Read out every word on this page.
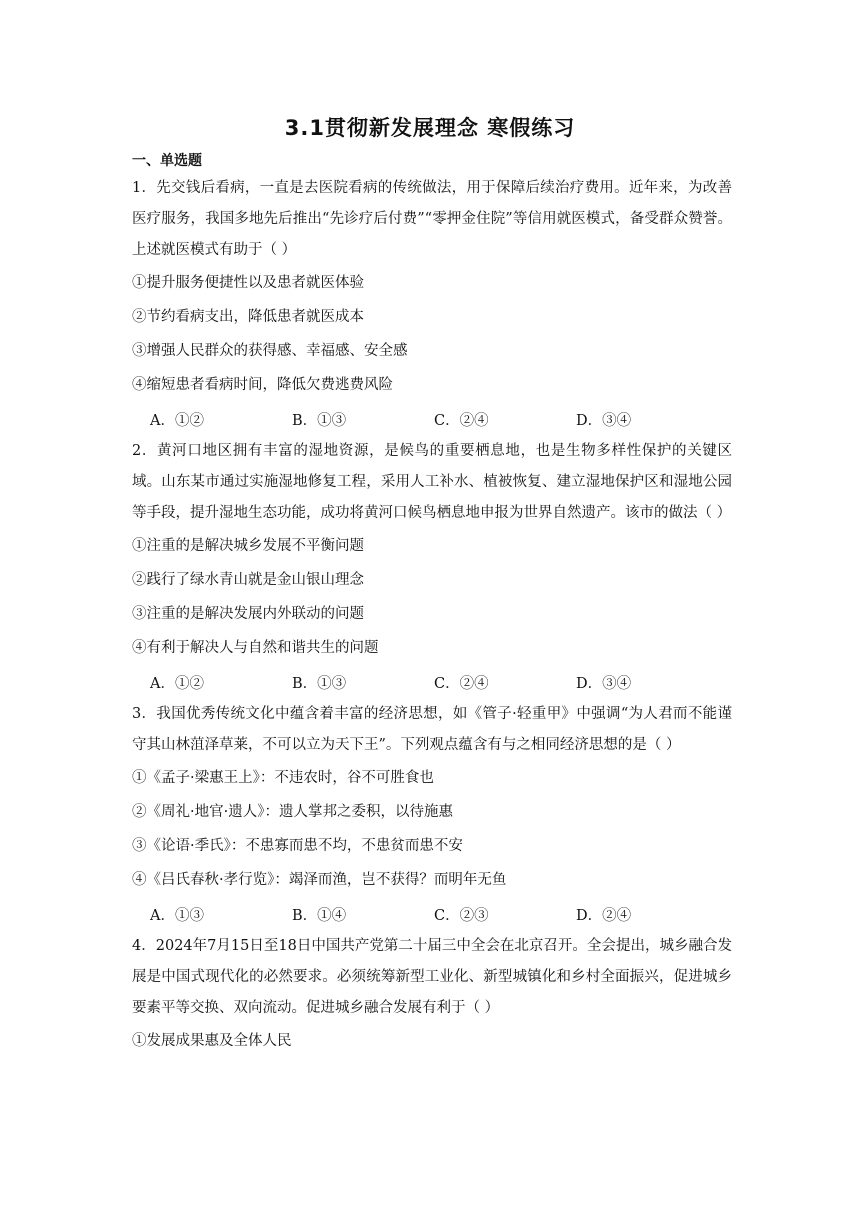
3.1贯彻新发展理念 寒假练习
一、单选题

1．先交钱后看病，一直是去医院看病的传统做法，用于保障后续治疗费用。近年来，为改善医疗服务，我国多地先后推出“先诊疗后付费”“零押金住院”等信用就医模式，备受群众赞誉。上述就医模式有助于（ ）

①提升服务便捷性以及患者就医体验

②节约看病支出，降低患者就医成本

③增强人民群众的获得感、幸福感、安全感

④缩短患者看病时间，降低欠费逃费风险

A．①②	B．①③	C．②④	D．③④

2．黄河口地区拥有丰富的湿地资源，是候鸟的重要栖息地，也是生物多样性保护的关键区域。山东某市通过实施湿地修复工程，采用人工补水、植被恢复、建立湿地保护区和湿地公园等手段，提升湿地生态功能，成功将黄河口候鸟栖息地申报为世界自然遗产。该市的做法（ ）

①注重的是解决城乡发展不平衡问题

②践行了绿水青山就是金山银山理念

③注重的是解决发展内外联动的问题

④有利于解决人与自然和谐共生的问题

A．①②	B．①③	C．②④	D．③④

3．我国优秀传统文化中蕴含着丰富的经济思想，如《管子·轻重甲》中强调“为人君而不能谨守其山林菹泽草莱，不可以立为天下王”。下列观点蕴含有与之相同经济思想的是（ ）

①《孟子·梁惠王上》：不违农时，谷不可胜食也

②《周礼·地官·遗人》：遗人掌邦之委积，以待施惠

③《论语·季氏》：不患寡而患不均，不患贫而患不安

④《吕氏春秋·孝行览》：竭泽而渔，岂不获得？而明年无鱼

A．①③	B．①④	C．②③	D．②④

4．2024年7月15日至18日中国共产党第二十届三中全会在北京召开。全会提出，城乡融合发展是中国式现代化的必然要求。必须统筹新型工业化、新型城镇化和乡村全面振兴，促进城乡要素平等交换、双向流动。促进城乡融合发展有利于（ ）

①发展成果惠及全体人民
